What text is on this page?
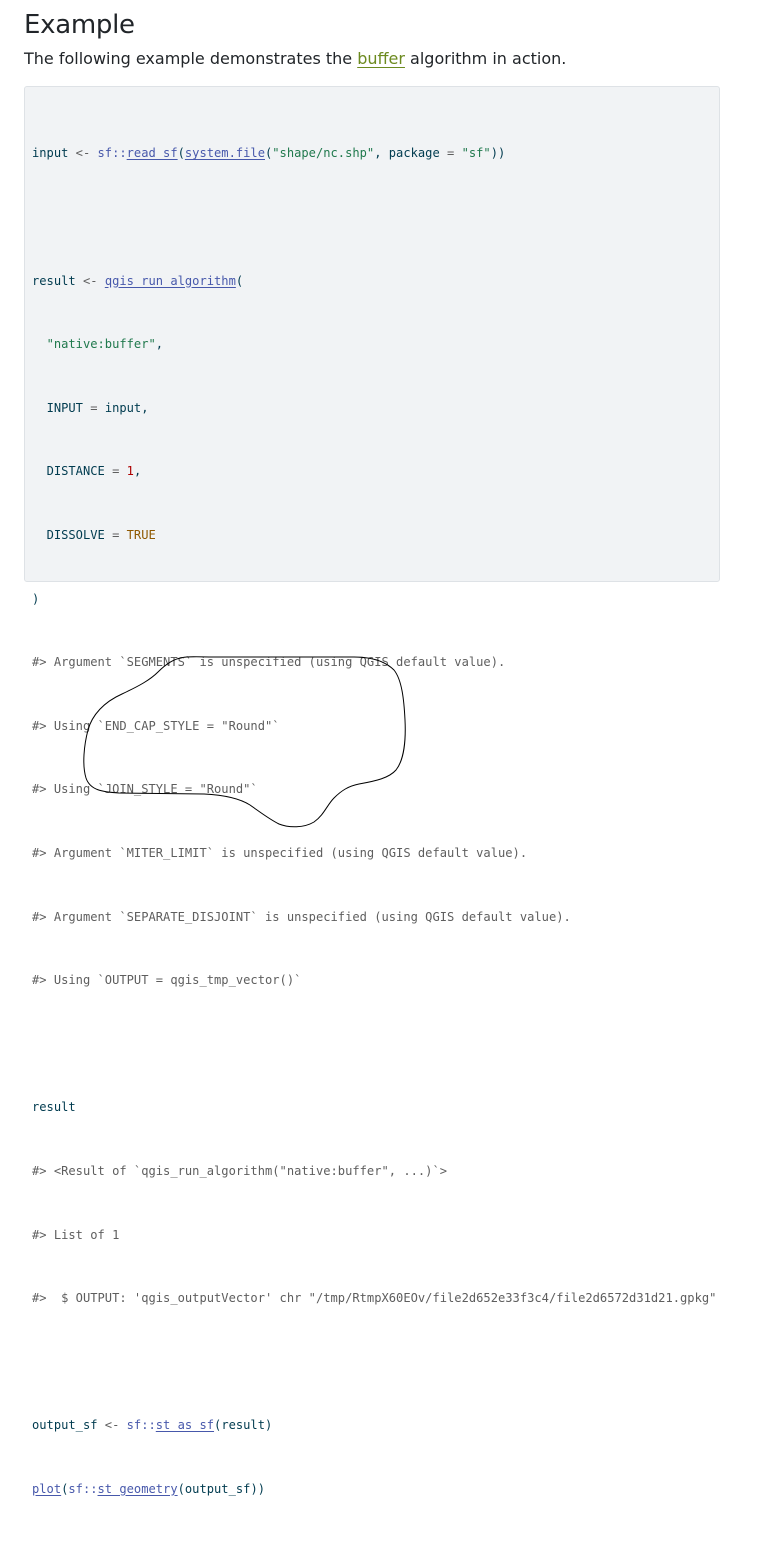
Example

The following example demonstrates the buffer algorithm in action.

input <- sf::read_sf(system.file("shape/nc.shp", package = "sf"))

result <- qgis_run_algorithm(

"native:buffer",

INPUT = input,

DISTANCE = 1,

DISSOLVE = TRUE

)

#> Argument `SEGMENTS` is unspecified (using QGIS default value).

#> Using `END_CAP_STYLE = "Round"`

#> Using `JOIN_STYLE = "Round"`

#> Argument `MITER_LIMIT` is unspecified (using QGIS default value).

#> Argument `SEPARATE_DISJOINT` is unspecified (using QGIS default value).

#> Using `OUTPUT = qgis_tmp_vector()`

result

#> <Result of `qgis_run_algorithm("native:buffer", ...)`>

#> List of 1

#>  $ OUTPUT: 'qgis_outputVector' chr "/tmp/RtmpX60EOv/file2d652e33f3c4/file2d6572d31d21.gpkg"

output_sf <- sf::st_as_sf(result)

plot(sf::st_geometry(output_sf))
